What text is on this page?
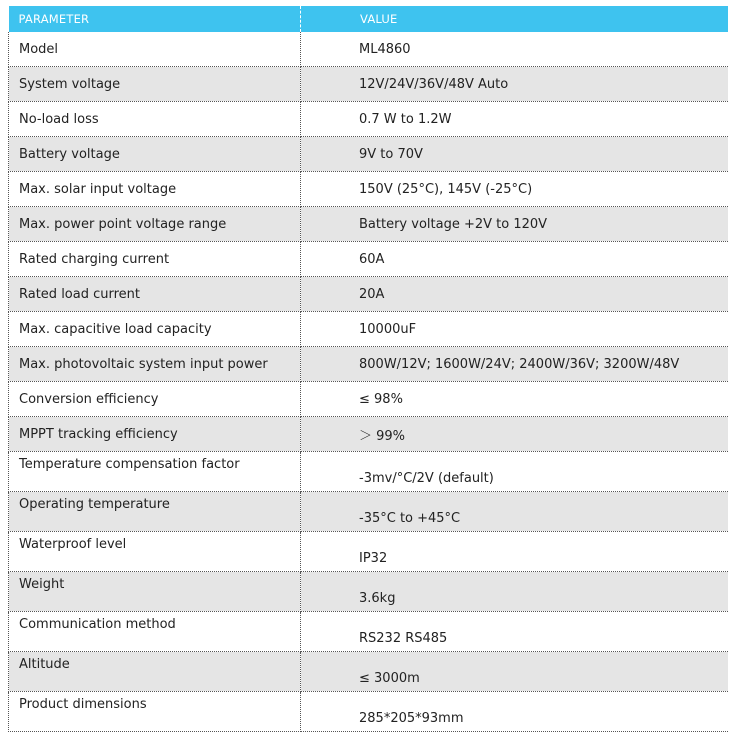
PARAMETER	VALUE
Model	ML4860
System voltage	12V/24V/36V/48V Auto
No-load loss	0.7 W to 1.2W
Battery voltage	9V to 70V
Max. solar input voltage	150V (25°C), 145V (-25°C)
Max. power point voltage range	Battery voltage +2V to 120V
Rated charging current	60A
Rated load current	20A
Max. capacitive load capacity	10000uF
Max. photovoltaic system input power	800W/12V; 1600W/24V; 2400W/36V; 3200W/48V
Conversion efficiency	≤ 98%
MPPT tracking efficiency	＞ 99%
Temperature compensation factor	-3mv/°C/2V (default)
Operating temperature	-35°C to +45°C
Waterproof level	IP32
Weight	3.6kg
Communication method	RS232 RS485
Altitude	≤ 3000m
Product dimensions	285*205*93mm
